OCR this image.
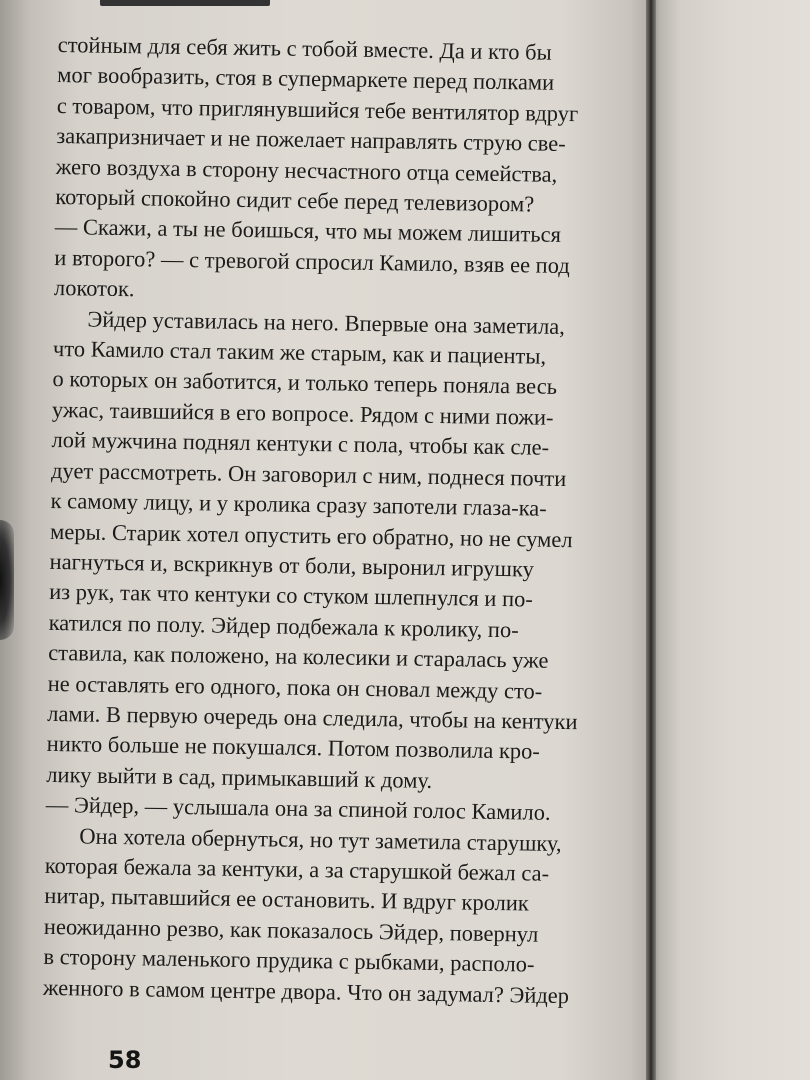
стойным для себя жить с тобой вместе. Да и кто бы

мог вообразить, стоя в супермаркете перед полками

с товаром, что приглянувшийся тебе вентилятор вдруг

закапризничает и не пожелает направлять струю све-

жего воздуха в сторону несчастного отца семейства,

который спокойно сидит себе перед телевизором?

— Скажи, а ты не боишься, что мы можем лишиться

и второго? — с тревогой спросил Камило, взяв ее под

локоток.

Эйдер уставилась на него. Впервые она заметила,

что Камило стал таким же старым, как и пациенты,

о которых он заботится, и только теперь поняла весь

ужас, таившийся в его вопросе. Рядом с ними пожи-

лой мужчина поднял кентуки с пола, чтобы как сле-

дует рассмотреть. Он заговорил с ним, поднеся почти

к самому лицу, и у кролика сразу запотели глаза-ка-

меры. Старик хотел опустить его обратно, но не сумел

нагнуться и, вскрикнув от боли, выронил игрушку

из рук, так что кентуки со стуком шлепнулся и по-

катился по полу. Эйдер подбежала к кролику, по-

ставила, как положено, на колесики и старалась уже

не оставлять его одного, пока он сновал между сто-

лами. В первую очередь она следила, чтобы на кентуки

никто больше не покушался. Потом позволила кро-

лику выйти в сад, примыкавший к дому.

— Эйдер, — услышала она за спиной голос Камило.

Она хотела обернуться, но тут заметила старушку,

которая бежала за кентуки, а за старушкой бежал са-

нитар, пытавшийся ее остановить. И вдруг кролик

неожиданно резво, как показалось Эйдер, повернул

в сторону маленького прудика с рыбками, располо-

женного в самом центре двора. Что он задумал? Эйдер

58
